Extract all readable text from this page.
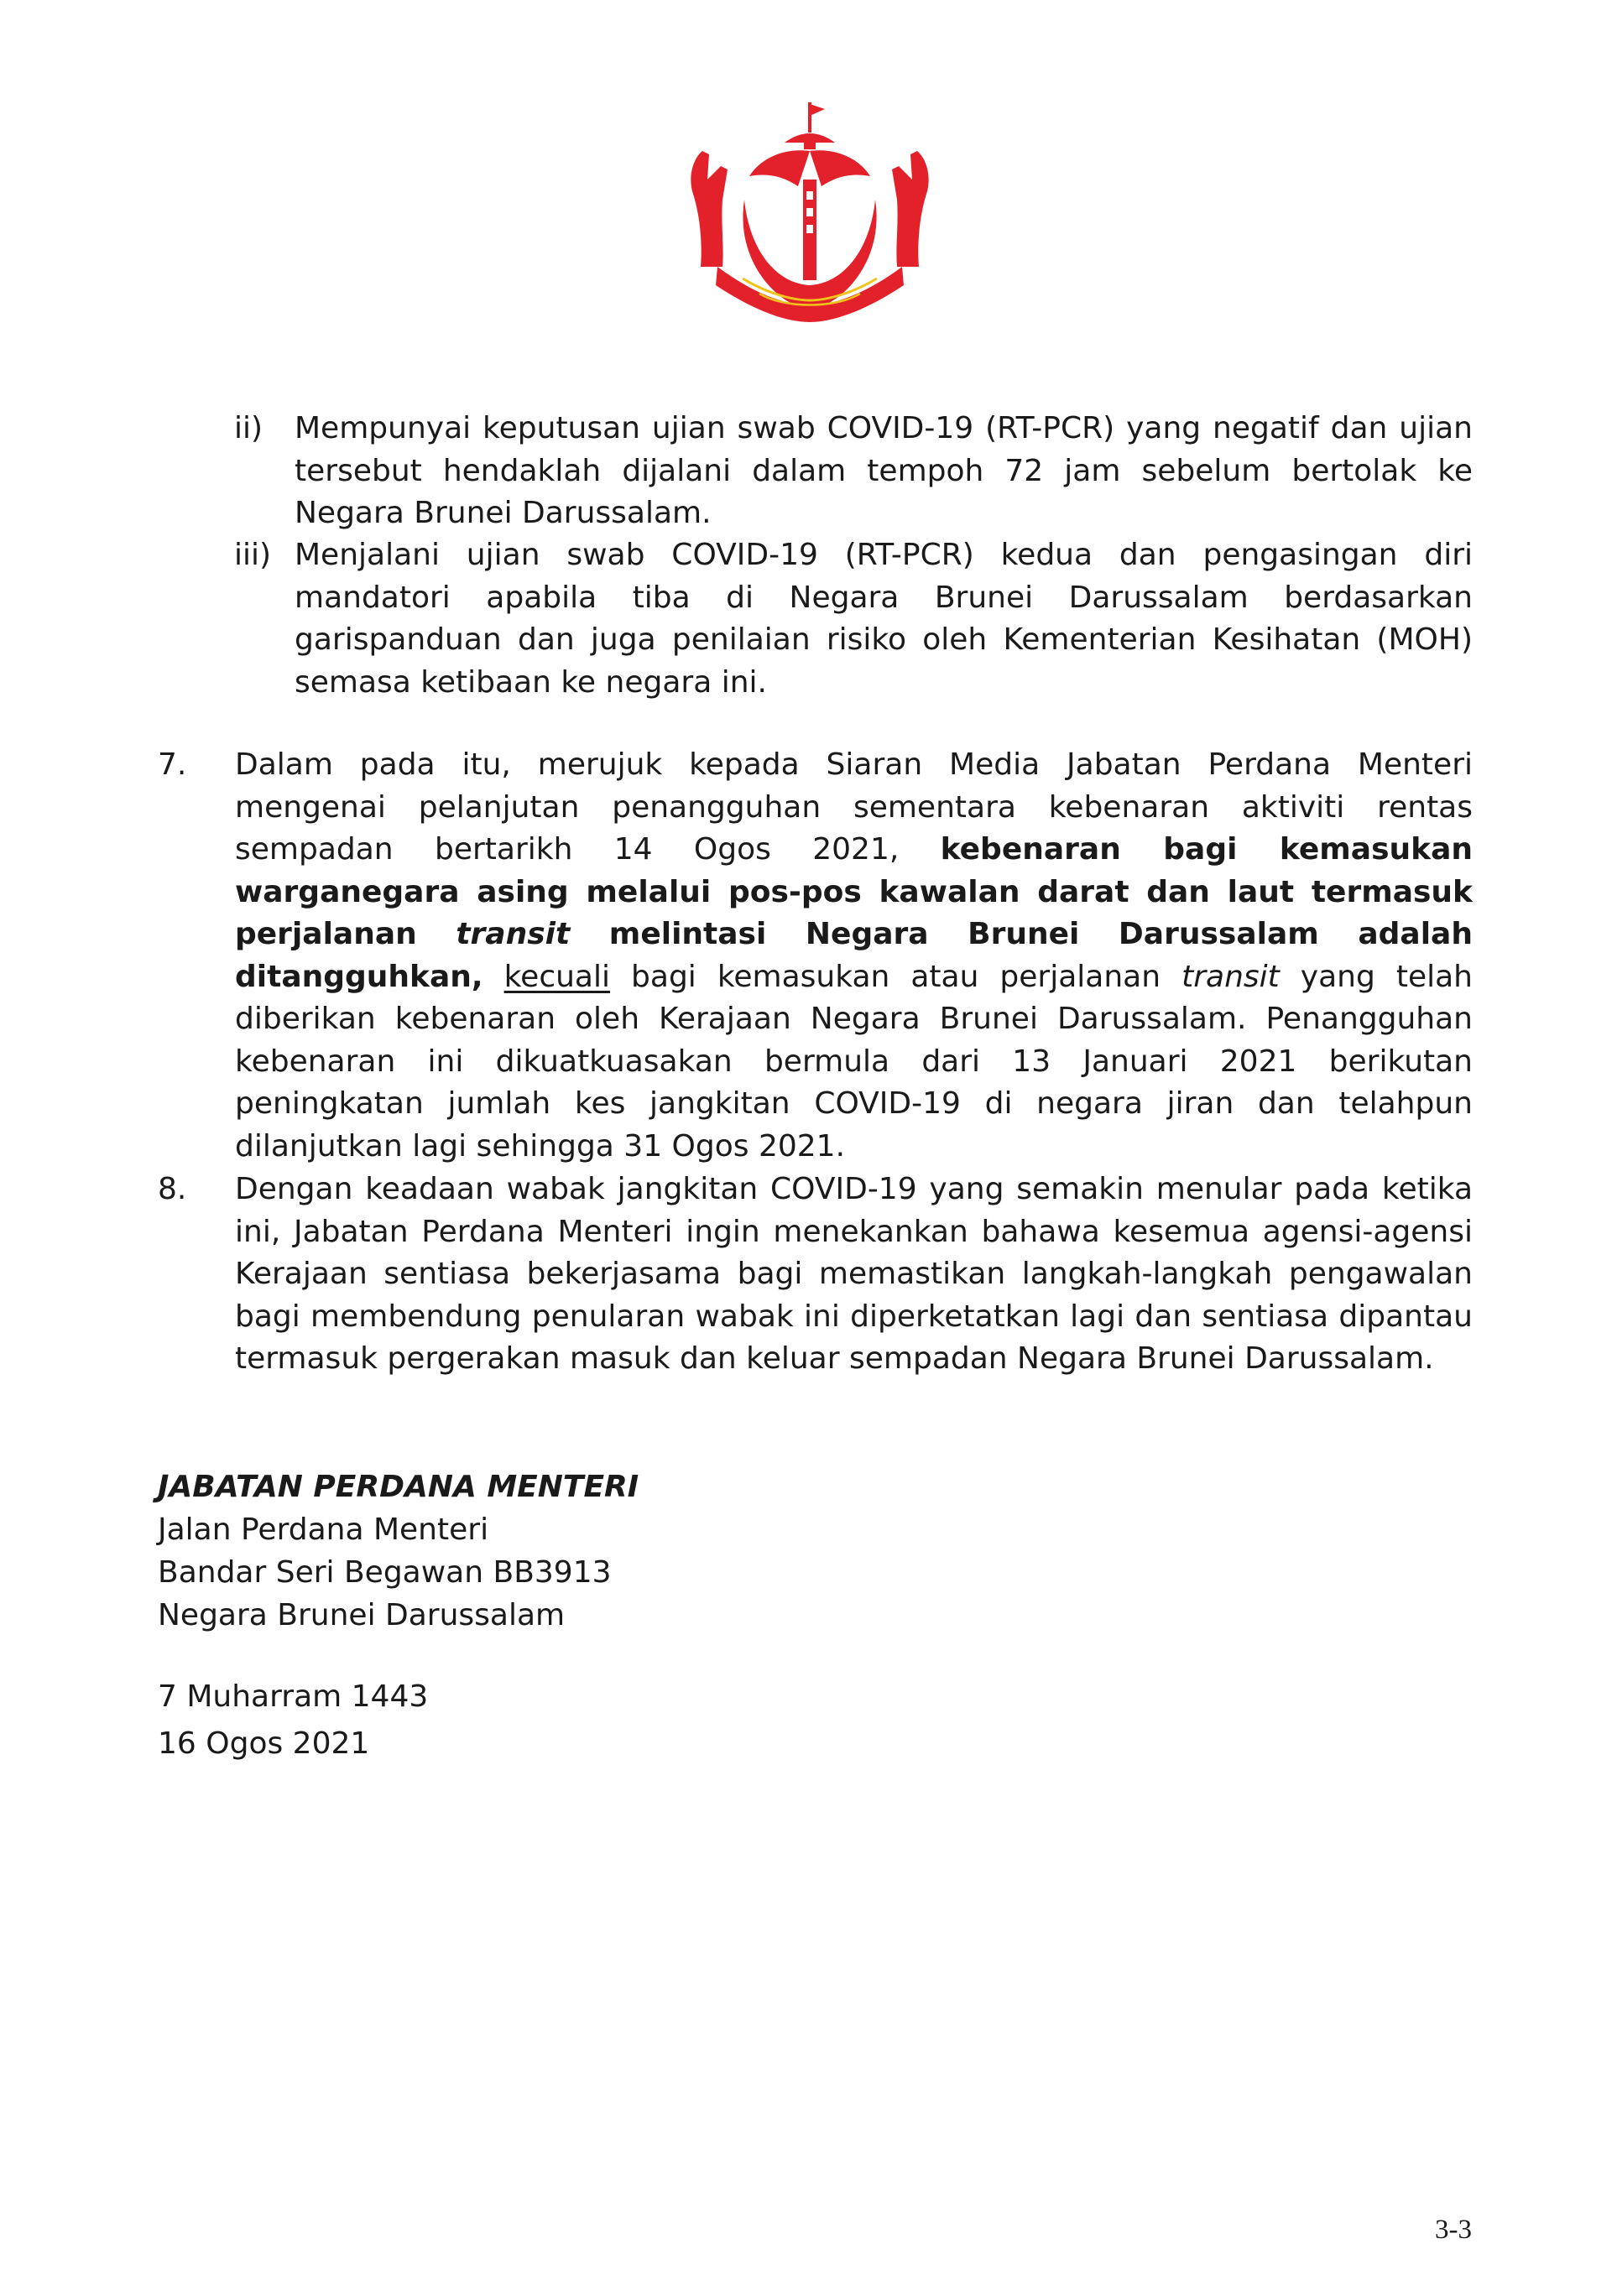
ii) Mempunyai keputusan ujian swab COVID-19 (RT-PCR) yang negatif dan ujian tersebut hendaklah dijalani dalam tempoh 72 jam sebelum bertolak ke Negara Brunei Darussalam.

iii) Menjalani ujian swab COVID-19 (RT-PCR) kedua dan pengasingan diri mandatori apabila tiba di Negara Brunei Darussalam berdasarkan garispanduan dan juga penilaian risiko oleh Kementerian Kesihatan (MOH) semasa ketibaan ke negara ini.

7. Dalam pada itu, merujuk kepada Siaran Media Jabatan Perdana Menteri mengenai pelanjutan penangguhan sementara kebenaran aktiviti rentas sempadan bertarikh 14 Ogos 2021, kebenaran bagi kemasukan warganegara asing melalui pos-pos kawalan darat dan laut termasuk perjalanan transit melintasi Negara Brunei Darussalam adalah ditangguhkan, kecuali bagi kemasukan atau perjalanan transit yang telah diberikan kebenaran oleh Kerajaan Negara Brunei Darussalam. Penangguhan kebenaran ini dikuatkuasakan bermula dari 13 Januari 2021 berikutan peningkatan jumlah kes jangkitan COVID-19 di negara jiran dan telahpun dilanjutkan lagi sehingga 31 Ogos 2021.

8. Dengan keadaan wabak jangkitan COVID-19 yang semakin menular pada ketika ini, Jabatan Perdana Menteri ingin menekankan bahawa kesemua agensi-agensi Kerajaan sentiasa bekerjasama bagi memastikan langkah-langkah pengawalan bagi membendung penularan wabak ini diperketatkan lagi dan sentiasa dipantau termasuk pergerakan masuk dan keluar sempadan Negara Brunei Darussalam.

JABATAN PERDANA MENTERI
Jalan Perdana Menteri
Bandar Seri Begawan BB3913
Negara Brunei Darussalam
7 Muharram 1443
16 Ogos 2021
3-3
